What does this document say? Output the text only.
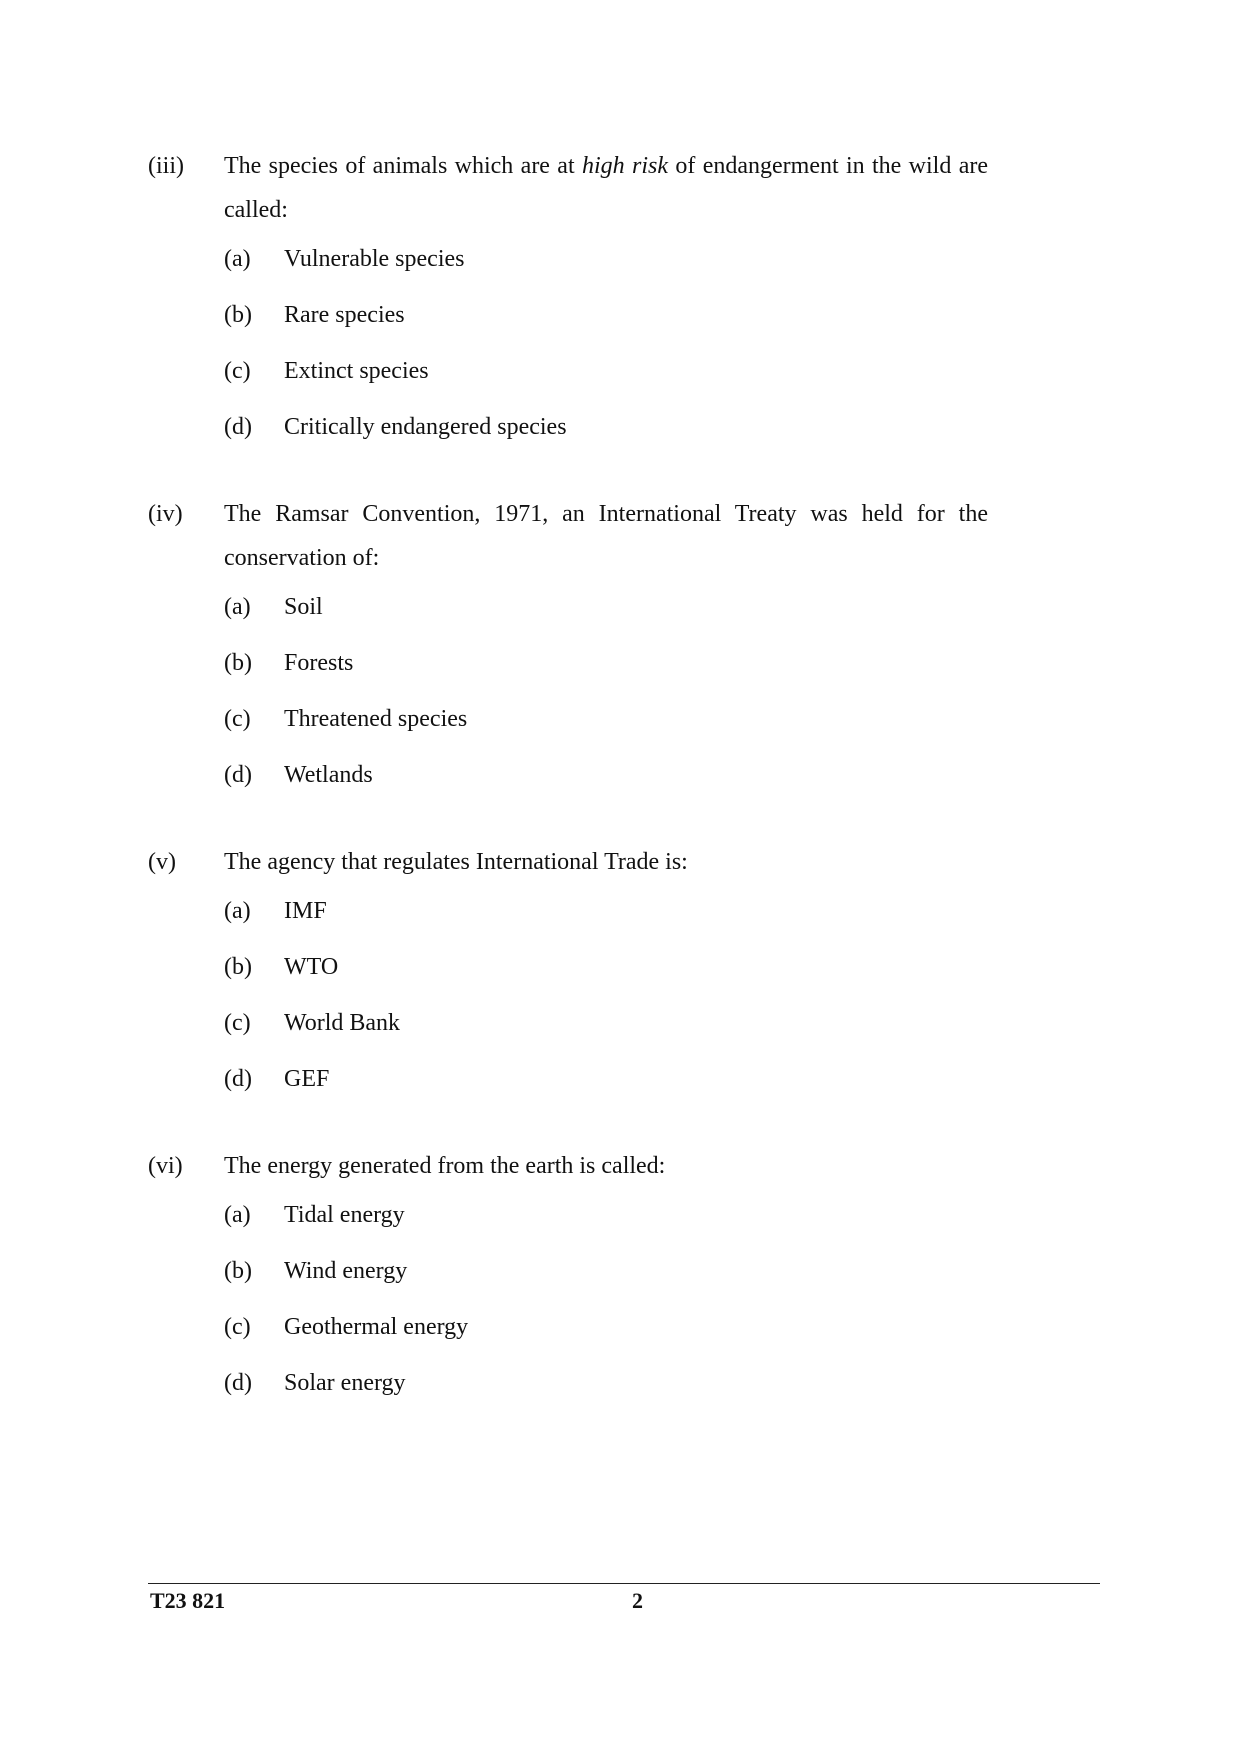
(iii)	The species of animals which are at high risk of endangerment in the wild are called:
(a)	Vulnerable species
(b)	Rare species
(c)	Extinct species
(d)	Critically endangered species
(iv)	The Ramsar Convention, 1971, an International Treaty was held for the conservation of:
(a)	Soil
(b)	Forests
(c)	Threatened species
(d)	Wetlands
(v)	The agency that regulates International Trade is:
(a)	IMF
(b)	WTO
(c)	World Bank
(d)	GEF
(vi)	The energy generated from the earth is called:
(a)	Tidal energy
(b)	Wind energy
(c)	Geothermal energy
(d)	Solar energy
T23 821	2
